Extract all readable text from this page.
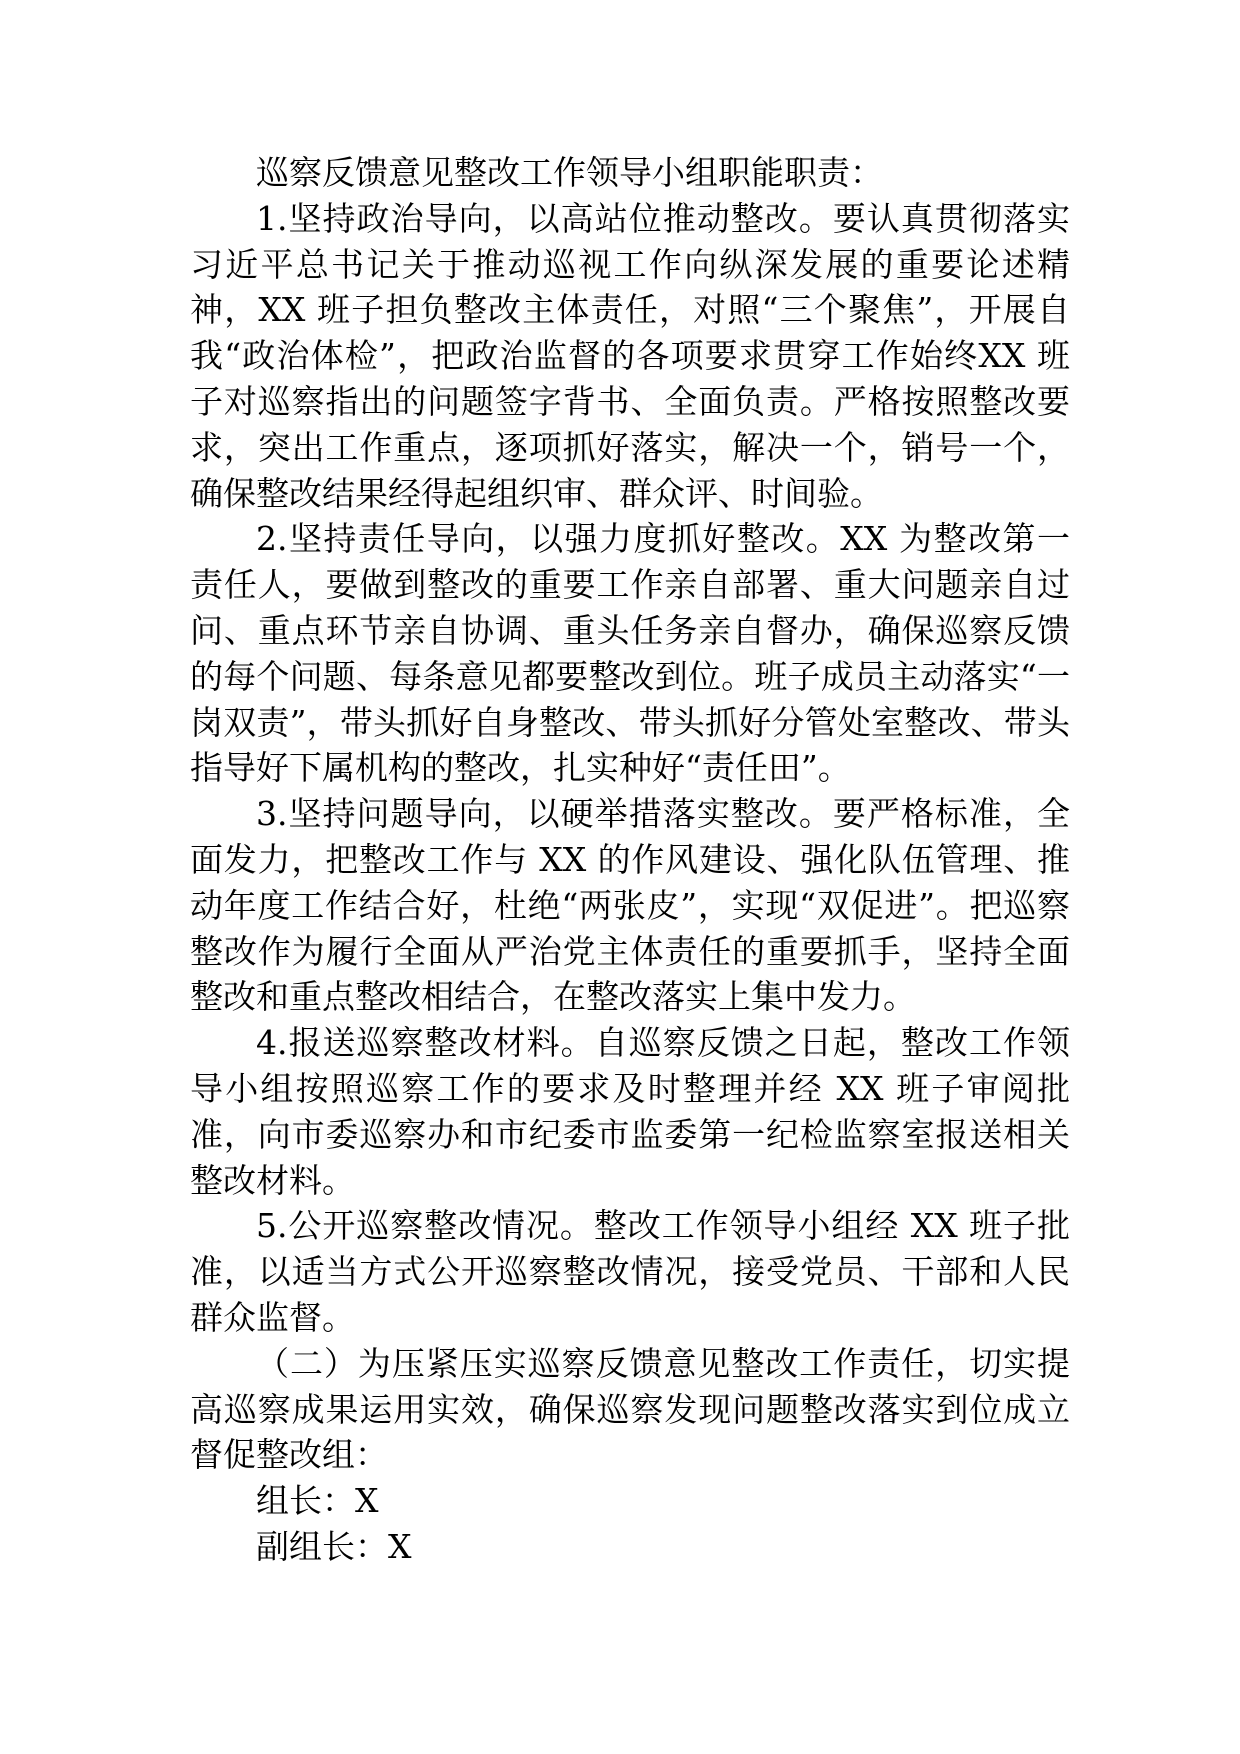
巡察反馈意见整改工作领导小组职能职责：

1.坚持政治导向，以高站位推动整改。要认真贯彻落实习近平总书记关于推动巡视工作向纵深发展的重要论述精神，XX 班子担负整改主体责任，对照“三个聚焦”，开展自我“政治体检”，把政治监督的各项要求贯穿工作始终XX 班子对巡察指出的问题签字背书、全面负责。严格按照整改要求，突出工作重点，逐项抓好落实，解决一个，销号一个，确保整改结果经得起组织审、群众评、时间验。

2.坚持责任导向，以强力度抓好整改。XX 为整改第一责任人，要做到整改的重要工作亲自部署、重大问题亲自过问、重点环节亲自协调、重头任务亲自督办，确保巡察反馈的每个问题、每条意见都要整改到位。班子成员主动落实“一岗双责”，带头抓好自身整改、带头抓好分管处室整改、带头指导好下属机构的整改，扎实种好“责任田”。

3.坚持问题导向，以硬举措落实整改。要严格标准，全面发力，把整改工作与 XX 的作风建设、强化队伍管理、推动年度工作结合好，杜绝“两张皮”，实现“双促进”。把巡察整改作为履行全面从严治党主体责任的重要抓手，坚持全面整改和重点整改相结合，在整改落实上集中发力。

4.报送巡察整改材料。自巡察反馈之日起，整改工作领导小组按照巡察工作的要求及时整理并经 XX 班子审阅批准，向市委巡察办和市纪委市监委第一纪检监察室报送相关整改材料。

5.公开巡察整改情况。整改工作领导小组经 XX 班子批准，以适当方式公开巡察整改情况，接受党员、干部和人民群众监督。

（二）为压紧压实巡察反馈意见整改工作责任，切实提高巡察成果运用实效，确保巡察发现问题整改落实到位成立督促整改组：

组长：X

副组长：X
